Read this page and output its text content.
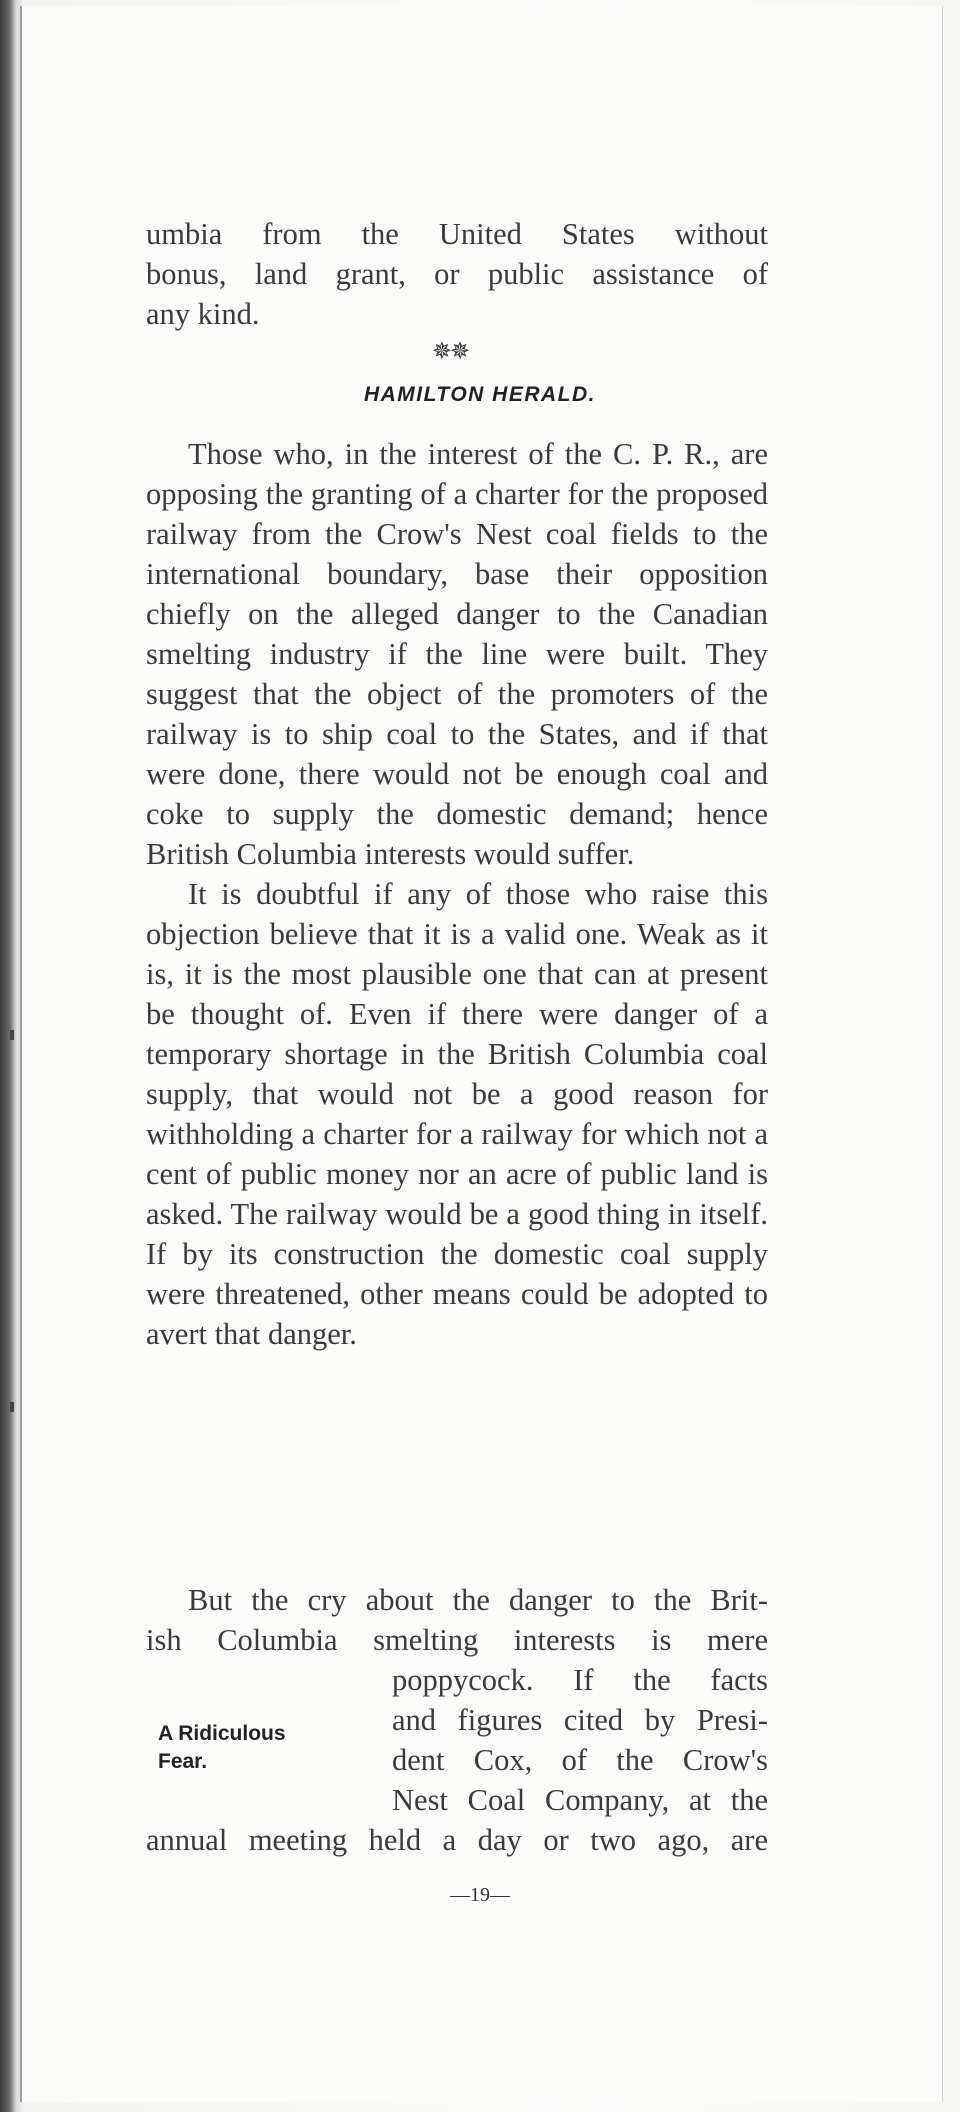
umbia from the United States without
bonus, land grant, or public assistance of
any kind.
✵✵
HAMILTON HERALD.

Those who, in the interest of the C. P. R., are opposing the granting of a charter for the proposed railway from the Crow's Nest coal fields to the international boundary, base their opposition chiefly on the alleged danger to the Canadian smelting industry if the line were built. They suggest that the object of the promoters of the railway is to ship coal to the States, and if that were done, there would not be enough coal and coke to supply the domestic demand; hence British Columbia interests would suffer.

It is doubtful if any of those who raise this objection believe that it is a valid one. Weak as it is, it is the most plausible one that can at present be thought of. Even if there were danger of a temporary shortage in the British Columbia coal supply, that would not be a good reason for withholding a charter for a railway for which not a cent of public money nor an acre of public land is asked. The railway would be a good thing in itself. If by its construction the domestic coal supply were threatened, other means could be adopted to avert that danger.

But the cry about the danger to the Brit-
ish Columbia smelting interests is mere
poppycock. If the facts
and figures cited by Presi-
dent Cox, of the Crow's
Nest Coal Company, at the
annual meeting held a day or two ago, are
A Ridiculous
Fear.
—19—
